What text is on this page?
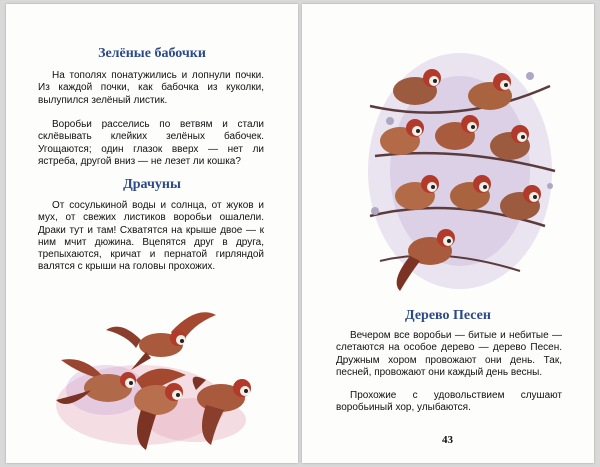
Зелёные бабочки

На тополях понатужились и лопнули почки. Из каждой почки, как бабочка из куколки, вылупился зелёный листик.

Воробьи расселись по ветвям и стали склёвывать клейких зелёных бабочек. Угощаются; один глазок вверх — нет ли ястреба, другой вниз — не лезет ли кошка?

Драчуны

От сосулькиной воды и солнца, от жуков и мух, от свежих листиков воробьи ошалели. Драки тут и там! Схватятся на крыше двое — к ним мчит дюжина. Вцепятся друг в друга, трепыхаются, кричат и пернатой гирляндой валятся с крыши на головы прохожих.

Дерево Песен

Вечером все воробьи — битые и небитые — слетаются на особое дерево — дерево Песен. Дружным хором провожают они день. Так, песней, провожают они каждый день весны.

Прохожие с удовольствием слушают воробьиный хор, улыбаются.

43
